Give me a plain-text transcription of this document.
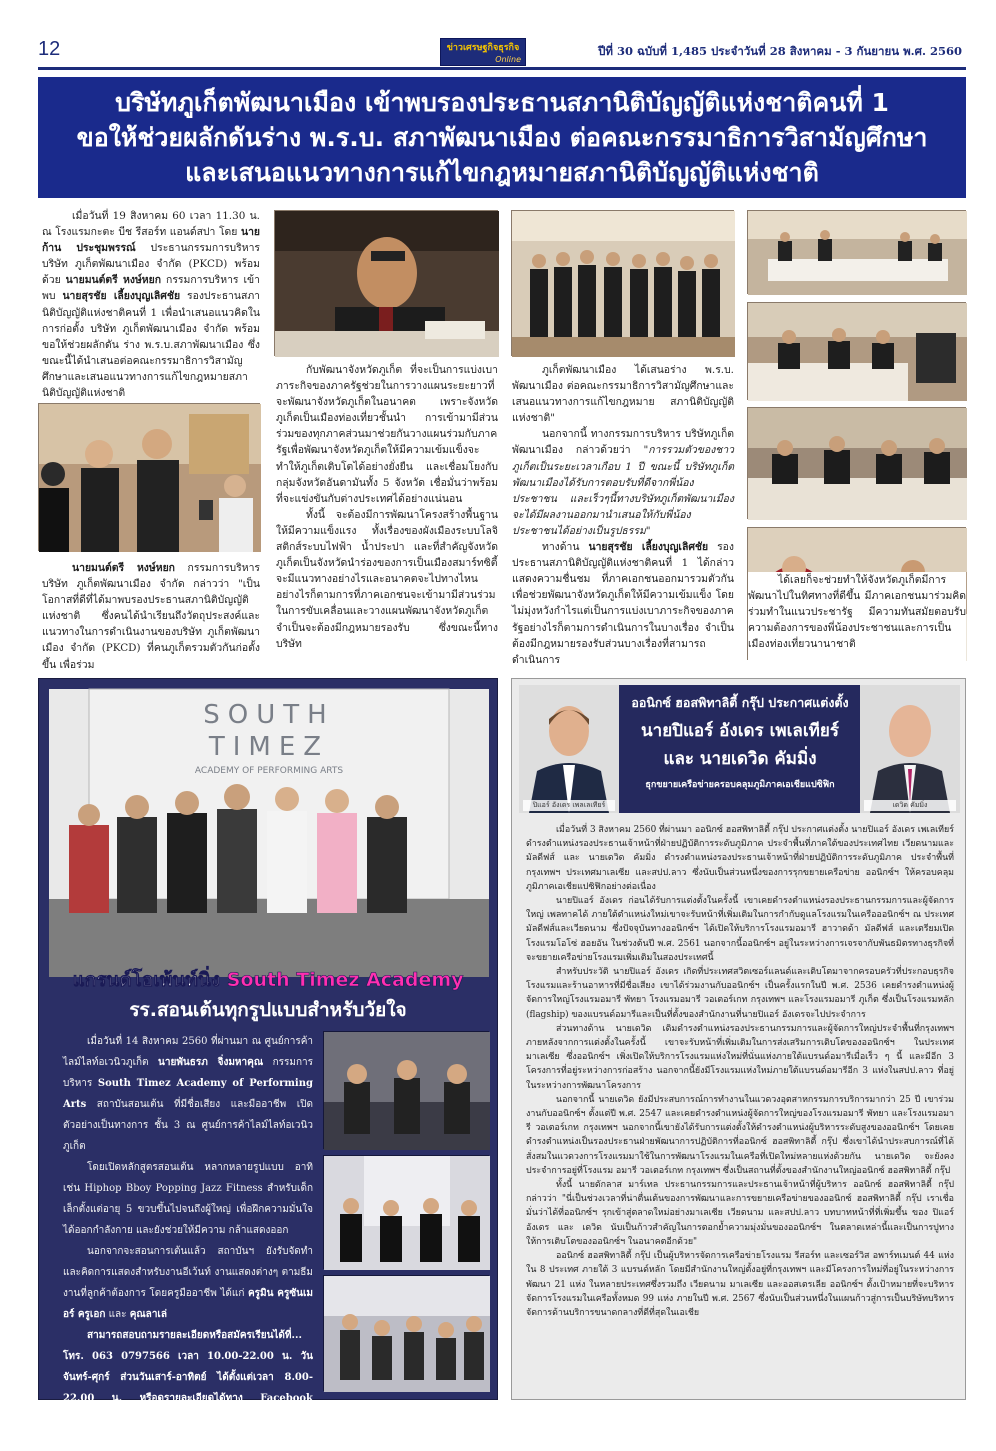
12	ข่าวเศรษฐกิจธุรกิจ
Online
ปีที่ 30 ฉบับที่ 1,485 ประจำวันที่ 28 สิงหาคม - 3 กันยายน พ.ศ. 2560
บริษัทภูเก็ตพัฒนาเมือง เข้าพบรองประธานสภานิติบัญญัติแห่งชาติคนที่ 1
ขอให้ช่วยผลักดันร่าง พ.ร.บ. สภาพัฒนาเมือง ต่อคณะกรรมาธิการวิสามัญศึกษา
และเสนอแนวทางการแก้ไขกฎหมายสภานิติบัญญัติแห่งชาติ

เมื่อวันที่ 19 สิงหาคม 60 เวลา 11.30 น. ณ โรงแรมกะตะ บีช รีสอร์ท แอนด์สปา โดย นายก้าน ประชุมพรรณ์ ประธานกรรมการบริหาร บริษัท ภูเก็ตพัฒนาเมือง จำกัด (PKCD) พร้อมด้วย นายมนต์ตรี หงษ์หยก กรรมการบริหาร เข้าพบ นายสุรชัย เลี้ยงบุญเลิศชัย รองประธานสภานิติบัญญัติแห่งชาติคนที่ 1 เพื่อนำเสนอแนวคิดในการก่อตั้ง บริษัท ภูเก็ตพัฒนาเมือง จำกัด พร้อมขอให้ช่วยผลักดัน ร่าง พ.ร.บ.สภาพัฒนาเมือง ซึ่งขณะนี้ได้นำเสนอต่อคณะกรรมาธิการวิสามัญศึกษาและเสนอแนวทางการแก้ไขกฎหมายสภานิติบัญญัติแห่งชาติ

นายมนต์ตรี หงษ์หยก กรรมการบริหาร บริษัท ภูเก็ตพัฒนาเมือง จำกัด กล่าวว่า "เป็นโอกาสที่ดีที่ได้มาพบรองประธานสภานิติบัญญัติแห่งชาติ ซึ่งคนได้นำเรียนถึงวัตถุประสงค์และแนวทางในการดำเนินงานของบริษัท ภูเก็ตพัฒนาเมือง จำกัด (PKCD) ที่คนภูเก็ตรวมตัวกันก่อตั้งขึ้น เพื่อร่วม

กับพัฒนาจังหวัดภูเก็ต ที่จะเป็นการแบ่งเบาภาระกิจของภาครัฐช่วยในการวางแผนระยะยาวที่จะพัฒนาจังหวัดภูเก็ตในอนาคต เพราะจังหวัดภูเก็ตเป็นเมืองท่องเที่ยวชั้นนำ การเข้ามามีส่วนร่วมของทุกภาคส่วนมาช่วยกันวางแผนร่วมกับภาครัฐเพื่อพัฒนาจังหวัดภูเก็ตให้มีความเข้มแข็งจะทำให้ภูเก็ตเติบโตได้อย่างยั่งยืน และเชื่อมโยงกับกลุ่มจังหวัดอันดามันทั้ง 5 จังหวัด เชื่อมั่นว่าพร้อมที่จะแข่งขันกับต่างประเทศได้อย่างแน่นอน

ทั้งนี้ จะต้องมีการพัฒนาโครงสร้างพื้นฐานให้มีความแข็งแรง ทั้งเรื่องของผังเมืองระบบโลจิสติกส์ระบบไฟฟ้า น้ำประปา และที่สำคัญจังหวัดภูเก็ตเป็นจังหวัดนำร่องของการเป็นเมืองสมาร์ทซิตี้จะมีแนวทางอย่างไรและอนาคตจะไปทางไหนอย่างไรก็ตามการที่ภาคเอกชนจะเข้ามามีส่วนร่วมในการขับเคลื่อนและวางแผนพัฒนาจังหวัดภูเก็ตจำเป็นจะต้องมีกฎหมายรองรับ ซึ่งขณะนี้ทางบริษัท

ภูเก็ตพัฒนาเมือง ได้เสนอร่าง พ.ร.บ. พัฒนาเมือง ต่อคณะกรรมาธิการวิสามัญศึกษาและเสนอแนวทางการแก้ไขกฎหมาย สภานิติบัญญัติแห่งชาติ"

นอกจากนี้ ทางกรรมการบริหาร บริษัทภูเก็ตพัฒนาเมือง กล่าวด้วยว่า "การรวมตัวของชาวภูเก็ตเป็นระยะเวลาเกือบ 1 ปี ขณะนี้ บริษัทภูเก็ตพัฒนาเมืองได้รับการตอบรับที่ดีจากพี่น้องประชาชน และเร็วๆนี้ทางบริษัทภูเก็ตพัฒนาเมืองจะได้มีผลงานออกมานำเสนอให้กับพี่น้องประชาชนได้อย่างเป็นรูปธรรม"

ทางด้าน นายสุรชัย เลี้ยงบุญเลิศชัย รองประธานสภานิติบัญญัติแห่งชาติคนที่ 1 ได้กล่าวแสดงความชื่นชม ที่ภาคเอกชนออกมารวมตัวกันเพื่อช่วยพัฒนาจังหวัดภูเก็ตให้มีความเข้มแข็ง โดยไม่มุ่งหวังกำไรแต่เป็นการแบ่งเบาภาระกิจของภาครัฐอย่างไรก็ตามการดำเนินการในบางเรื่อง จำเป็นต้องมีกฎหมายรองรับส่วนบางเรื่องที่สามารถดำเนินการ

ได้เลยก็จะช่วยทำให้จังหวัดภูเก็ตมีการพัฒนาไปในทิศทางที่ดีขึ้น มีภาคเอกชนมาร่วมคิด ร่วมทำในแนวประชารัฐ มีความทันสมัยตอบรับความต้องการของพี่น้องประชาชนและการเป็นเมืองท่องเที่ยวนานาชาติ

SOUTH
TIMEZ
ACADEMY OF PERFORMING ARTS
แกรนด์โอเพ้นท์นิ่ง South Timez Academy
รร.สอนเต้นทุกรูปแบบสำหรับวัยใจ

เมื่อวันที่ 14 สิงหาคม 2560 ที่ผ่านมา ณ ศูนย์การค้าไลม์ไลท์อเวนิวภูเก็ต นายพันธรภ จิ่งมหาคุณ กรรมการบริหาร South Timez Academy of Performing Arts สถาบันสอนเต้น ที่มีชื่อเสียง และมืออาชีพ เปิดตัวอย่างเป็นทางการ ชั้น 3 ณ ศูนย์การค้าไลม์ไลท์อเวนิวภูเก็ต

โดยเปิดหลักสูตรสอนเต้น หลากหลายรูปแบบ อาทิเช่น Hiphop Bboy Popping Jazz Fitness สำหรับเด็กเล็กตั้งแต่อายุ 5 ขวบขึ้นไปจนถึงผู้ใหญ่ เพื่อฝึกความมั่นใจได้ออกกำลังกาย และยังช่วยให้มีความ กล้าแสดงออก

นอกจากจะสอนการเต้นแล้ว สถาบันฯ ยังรับจัดทำ และคิดการแสดงสำหรับงานอีเว้นท์ งานแสดงต่างๆ ตามธีมงานที่ลูกค้าต้องการ โดยครูมืออาชีพ ได้แก่ ครูมิน ครูซันเมอร์ ครูเอก และ คุณลาเล่

สามารถสอบถามรายละเอียดหรือสมัครเรียนได้ที่... โทร. 063 0797566 เวลา 10.00-22.00 น. วันจันทร์-ศุกร์ ส่วนวันเสาร์-อาทิตย์ ได้ตั้งแต่เวลา 8.00-22.00 น. หรือดูรายละเอียดได้ทาง Facebook Fanpage : South Timez Academy of Performing Arts

ปิแอร์ อังเดร เพลเลเทียร์
ออนิกซ์ ฮอสพิทาลิตี้ กรุ๊ป ประกาศแต่งตั้ง
นายปิแอร์ อังเดร เพเลเทียร์
และ นายเดวิด คัมมิ่ง
ธุกขยายเครือข่ายครอบคลุมภูมิภาคเอเชียแปซิฟิก
เดวิด คัมมิ่ง

เมื่อวันที่ 3 สิงหาคม 2560 ที่ผ่านมา ออนิกซ์ ฮอสพิทาลิตี้ กรุ๊ป ประกาศแต่งตั้ง นายปิแอร์ อังเดร เพเลเทียร์ ดำรงตำแหน่งรองประธานเจ้าหน้าที่ฝ่ายปฏิบัติการระดับภูมิภาค ประจำพื้นที่ภาคใต้ของประเทศไทย เวียดนามและมัลดีฟส์ และ นายเดวิด คัมมิ่ง ดำรงตำแหน่งรองประธานเจ้าหน้าที่ฝ่ายปฏิบัติการระดับภูมิภาค ประจำพื้นที่กรุงเทพฯ ประเทศมาเลเซีย และสปป.ลาว ซึ่งนับเป็นส่วนหนึ่งของการรุกขยายเครือข่าย ออนิกซ์ฯ ให้ครอบคลุมภูมิภาคเอเชียแปซิฟิกอย่างต่อเนื่อง

นายปิแอร์ อังเดร ก่อนได้รับการแต่งตั้งในครั้งนี้ เขาเคยดำรงตำแหน่งรองประธานกรรมการและผู้จัดการใหญ่ เพลทาคได้ ภายใต้ตำแหน่งใหม่เขาจะรับหน้าที่เพิ่มเติมในการกำกับดูแลโรงแรมในเครือออนิกซ์ฯ ณ ประเทศมัลดีฟส์และเวียดนาม ซึ่งปัจจุบันทางออนิกซ์ฯ ได้เปิดให้บริการโรงแรมอมารี ฮาวาดด้า มัลดีฟส์ และเตรียมเปิดโรงแรมโอโซ่ ฮอยอัน ในช่วงต้นปี พ.ศ. 2561 นอกจากนี้ออนิกซ์ฯ อยู่ในระหว่างการเจรจากับพันธมิตรทางธุรกิจที่จะขยายเครือข่ายโรงแรมเพิ่มเติมในสองประเทศนี้

สำหรับประวัติ นายปิแอร์ อังเดร เกิดที่ประเทศสวิตเซอร์แลนด์และเติบโตมาจากครอบครัวที่ประกอบธุรกิจโรงแรมและร้านอาหารที่มีชื่อเสียง เขาได้ร่วมงานกับออนิกซ์ฯ เป็นครั้งแรกในปี พ.ศ. 2536 เคยดำรงตำแหน่งผู้จัดการใหญ่โรงแรมอมารี พัทยา โรงแรมอมารี วอเตอร์เกท กรุงเทพฯ และโรงแรมอมารี ภูเก็ต ซึ่งเป็นโรงแรมหลัก (flagship) ของแบรนด์อมารีและเป็นที่ตั้งของสำนักงานที่นายปิแอร์ อังเดรจะไปประจำการ

ส่วนทางด้าน นายเดวิด เดิมดำรงตำแหน่งรองประธานกรรมการและผู้จัดการใหญ่ประจำพื้นที่กรุงเทพฯ ภายหลังจากการแต่งตั้งในครั้งนี้ เขาจะรับหน้าที่เพิ่มเติมในการส่งเสริมการเติบโตของออนิกซ์ฯ ในประเทศมาเลเซีย ซึ่งออนิกซ์ฯ เพิ่งเปิดให้บริการโรงแรมแห่งใหม่ที่นั่นแห่งภายใต้แบรนด์อมารีเมื่อเร็ว ๆ นี้ และมีอีก 3 โครงการที่อยู่ระหว่างการก่อสร้าง นอกจากนี้ยังมีโรงแรมแห่งใหม่ภายใต้แบรนด์อมารีอีก 3 แห่งในสปป.ลาว ที่อยู่ในระหว่างการพัฒนาโครงการ

นอกจากนี้ นายเดวิด ยังมีประสบการณ์การทำงานในแวดวงอุตสาหกรรมการบริการมากว่า 25 ปี เขาร่วมงานกับออนิกซ์ฯ ตั้งแต่ปี พ.ศ. 2547 และเคยดำรงตำแหน่งผู้จัดการใหญ่ของโรงแรมอมารี พัทยา และโรงแรมอมารี วอเตอร์เกท กรุงเทพฯ นอกจากนี้เขายังได้รับการแต่งตั้งให้ดำรงตำแหน่งผู้บริหารระดับสูงของออนิกซ์ฯ โดยเคยดำรงตำแหน่งเป็นรองประธานฝ่ายพัฒนาการปฏิบัติการที่ออนิกซ์ ฮอสพิทาลิตี้ กรุ๊ป ซึ่งเขาได้นำประสบการณ์ที่ได้สั่งสมในแวดวงการโรงแรมมาใช้ในการพัฒนาโรงแรมในเครือที่เปิดใหม่หลายแห่งด้วยกัน นายเดวิด จะยังคงประจำการอยู่ที่โรงแรม อมารี วอเตอร์เกท กรุงเทพฯ ซึ่งเป็นสถานที่ตั้งของสำนักงานใหญ่ออนิกซ์ ฮอสพิทาลิตี้ กรุ๊ป

ทั้งนี้ นายดักลาส มาร์เทล ประธานกรรมการและประธานเจ้าหน้าที่ผู้บริหาร ออนิกซ์ ฮอสพิทาลิตี้ กรุ๊ป กล่าวว่า "นี่เป็นช่วงเวลาที่น่าตื่นเต้นของการพัฒนาและการขยายเครือข่ายของออนิกซ์ ฮอสพิทาลิตี้ กรุ๊ป เราเชื่อมั่นว่าได้ที่ออนิกซ์ฯ รุกเข้าสู่ตลาดใหม่อย่างมาเลเซีย เวียดนาม และสปป.ลาว บทบาทหน้าที่ที่เพิ่มขึ้น ของ ปิแอร์ อังเดร และ เดวิด นับเป็นก้าวสำคัญในการตอกย้ำความมุ่งมั่นของออนิกซ์ฯ ในตลาดเหล่านี้และเป็นการปูทางให้การเติบโตของออนิกซ์ฯ ในอนาคตอีกด้วย"

ออนิกซ์ ฮอสพิทาลิตี้ กรุ๊ป เป็นผู้บริหารจัดการเครือข่ายโรงแรม รีสอร์ท และเซอร์วิส อพาร์ทเมนต์ 44 แห่ง ใน 8 ประเทศ ภายใต้ 3 แบรนด์หลัก โดยมีสำนักงานใหญ่ตั้งอยู่ที่กรุงเทพฯ และมีโครงการใหม่ที่อยู่ในระหว่างการพัฒนา 21 แห่ง ในหลายประเทศซึ่งรวมถึง เวียดนาม มาเลเซีย และออสเตรเลีย ออนิกซ์ฯ ตั้งเป้าหมายที่จะบริหารจัดการโรงแรมในเครือทั้งหมด 99 แห่ง ภายในปี พ.ศ. 2567 ซึ่งนับเป็นส่วนหนึ่งในแผนก้าวสู่การเป็นบริษัทบริหารจัดการด้านบริการขนาดกลางที่ดีที่สุดในเอเชีย
